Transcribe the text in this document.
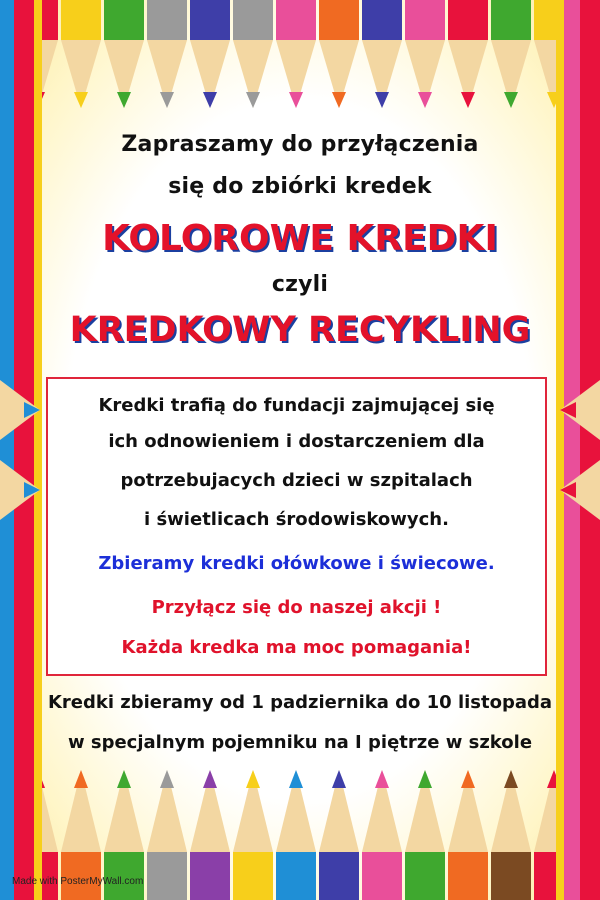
Zapraszamy do przyłączenia
się do zbiórki kredek
KOLOROWE KREDKI
czyli
KREDKOWY RECYKLING
Kredki trafią do fundacji zajmującej się
ich odnowieniem i dostarczeniem dla
potrzebujacych dzieci w szpitalach
i świetlicach środowiskowych.
Zbieramy kredki ołówkowe i świecowe.
Przyłącz się do naszej akcji !
Każda kredka ma moc pomagania!
Kredki zbieramy od 1 padziernika do 10 listopada
w specjalnym pojemniku na I piętrze w szkole
Made with PosterMyWall.com
